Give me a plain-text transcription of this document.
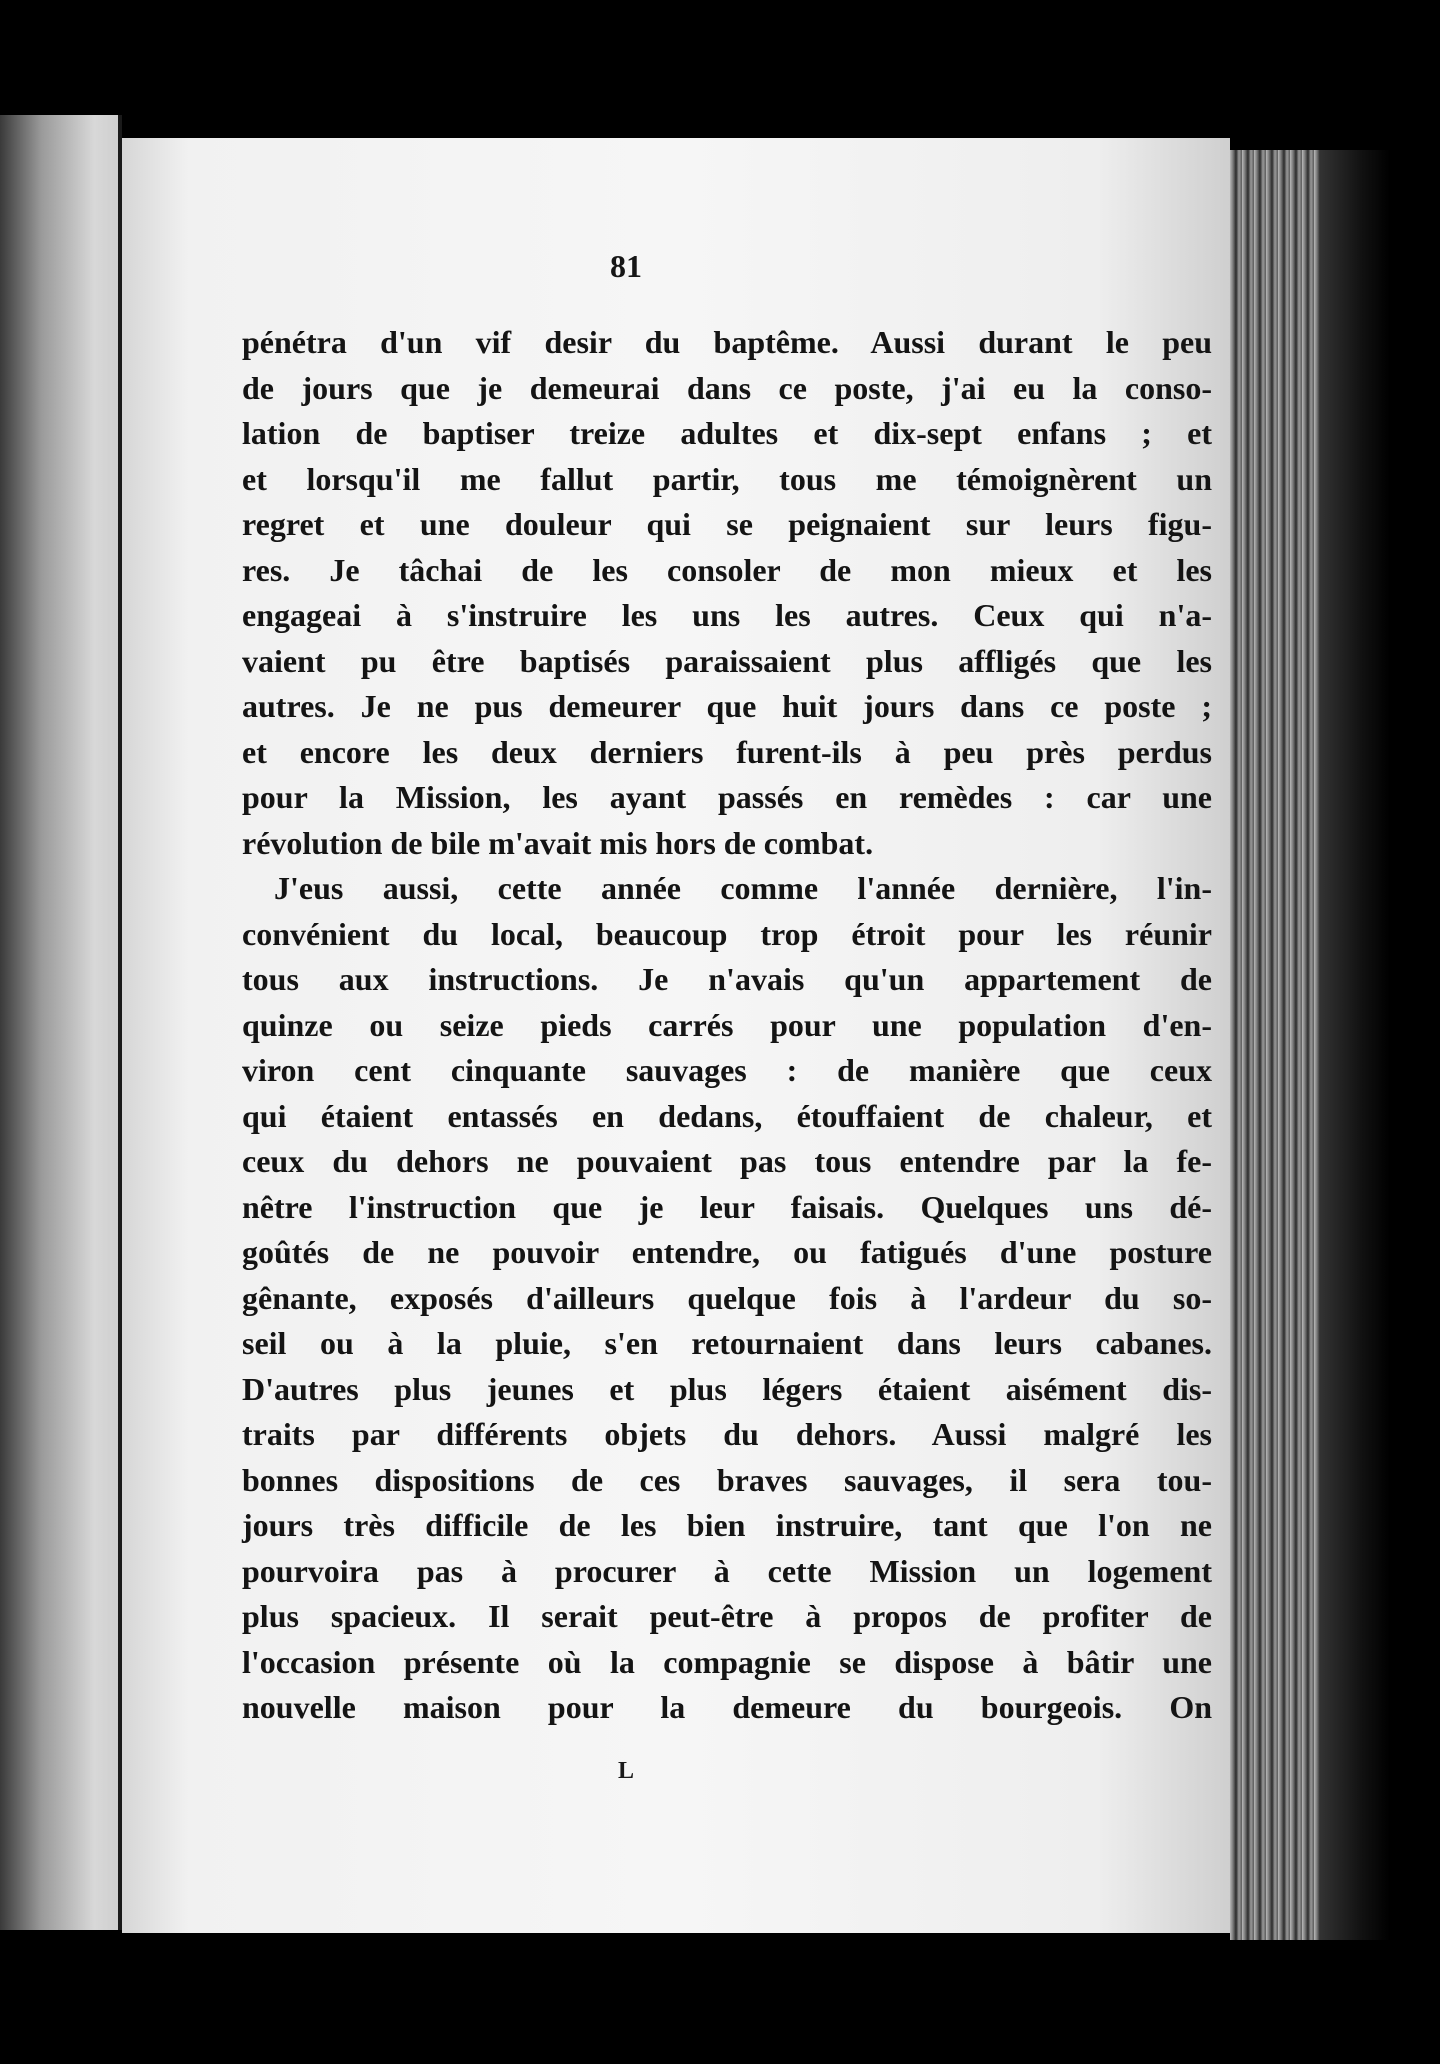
81
pénétra d'un vif desir du baptême. Aussi durant le peu
de jours que je demeurai dans ce poste, j'ai eu la conso-
lation de baptiser treize adultes et dix-sept enfans ; et
et lorsqu'il me fallut partir, tous me témoignèrent un
regret et une douleur qui se peignaient sur leurs figu-
res. Je tâchai de les consoler de mon mieux et les
engageai à s'instruire les uns les autres. Ceux qui n'a-
vaient pu être baptisés paraissaient plus affligés que les
autres. Je ne pus demeurer que huit jours dans ce poste ;
et encore les deux derniers furent-ils à peu près perdus
pour la Mission, les ayant passés en remèdes : car une
révolution de bile m'avait mis hors de combat.
J'eus aussi, cette année comme l'année dernière, l'in-
convénient du local, beaucoup trop étroit pour les réunir
tous aux instructions. Je n'avais qu'un appartement de
quinze ou seize pieds carrés pour une population d'en-
viron cent cinquante sauvages : de manière que ceux
qui étaient entassés en dedans, étouffaient de chaleur, et
ceux du dehors ne pouvaient pas tous entendre par la fe-
nêtre l'instruction que je leur faisais. Quelques uns dé-
goûtés de ne pouvoir entendre, ou fatigués d'une posture
gênante, exposés d'ailleurs quelque fois à l'ardeur du so-
seil ou à la pluie, s'en retournaient dans leurs cabanes.
D'autres plus jeunes et plus légers étaient aisément dis-
traits par différents objets du dehors. Aussi malgré les
bonnes dispositions de ces braves sauvages, il sera tou-
jours très difficile de les bien instruire, tant que l'on ne
pourvoira pas à procurer à cette Mission un logement
plus spacieux. Il serait peut-être à propos de profiter de
l'occasion présente où la compagnie se dispose à bâtir une
nouvelle maison pour la demeure du bourgeois. On
L
